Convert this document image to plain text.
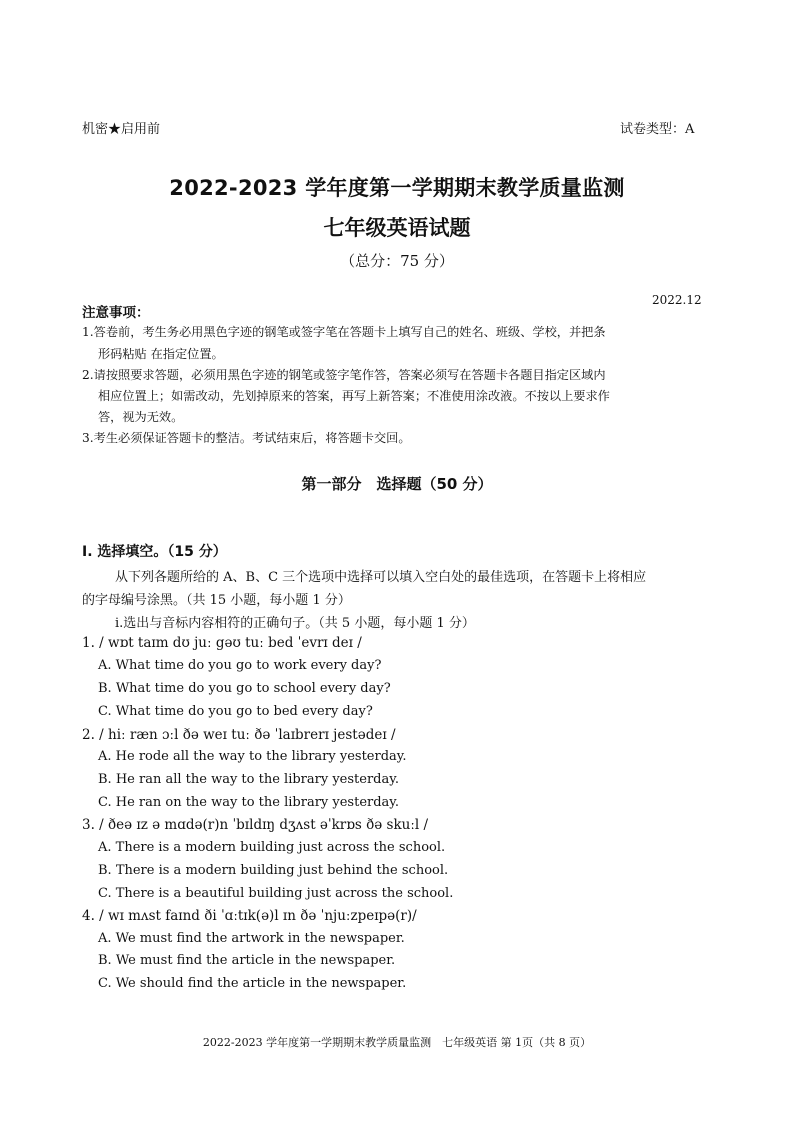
机密★启用前	试卷类型：A
2022-2023 学年度第一学期期末教学质量监测
七年级英语试题
（总分：75 分）
2022.12
注意事项：
1.答卷前，考生务必用黑色字迹的钢笔或签字笔在答题卡上填写自己的姓名、班级、学校，并把条
形码粘贴 在指定位置。
2.请按照要求答题，必须用黑色字迹的钢笔或签字笔作答，答案必须写在答题卡各题目指定区域内
相应位置上；如需改动，先划掉原来的答案，再写上新答案；不准使用涂改液。不按以上要求作
答，视为无效。
3.考生必须保证答题卡的整洁。考试结束后，将答题卡交回。
第一部分　选择题（50 分）
I. 选择填空。（15 分）
从下列各题所给的 A、B、C 三个选项中选择可以填入空白处的最佳选项，在答题卡上将相应
的字母编号涂黑。（共 15 小题，每小题 1 分）
i.选出与音标内容相符的正确句子。（共 5 小题，每小题 1 分）
1. / wɒt taɪm dʊ juː gəʊ tuː bed ˈevrɪ deɪ /
A. What time do you go to work every day?
B. What time do you go to school every day?
C. What time do you go to bed every day?
2. / hiː ræn ɔːl ðə weɪ tuː ðə ˈlaɪbrerɪ jestədeɪ /
A. He rode all the way to the library yesterday.
B. He ran all the way to the library yesterday.
C. He ran on the way to the library yesterday.
3. / ðeə ɪz ə mɑdə(r)n ˈbɪldɪŋ dʒʌst əˈkrɒs ðə skuːl /
A. There is a modern building just across the school.
B. There is a modern building just behind the school.
C. There is a beautiful building just across the school.
4. / wɪ mʌst faɪnd ði ˈɑːtɪk(ə)l ɪn ðə ˈnjuːzpeɪpə(r)/
A. We must find the artwork in the newspaper.
B. We must find the article in the newspaper.
C. We should find the article in the newspaper.
2022-2023 学年度第一学期期末教学质量监测　七年级英语 第 1页（共 8 页）
